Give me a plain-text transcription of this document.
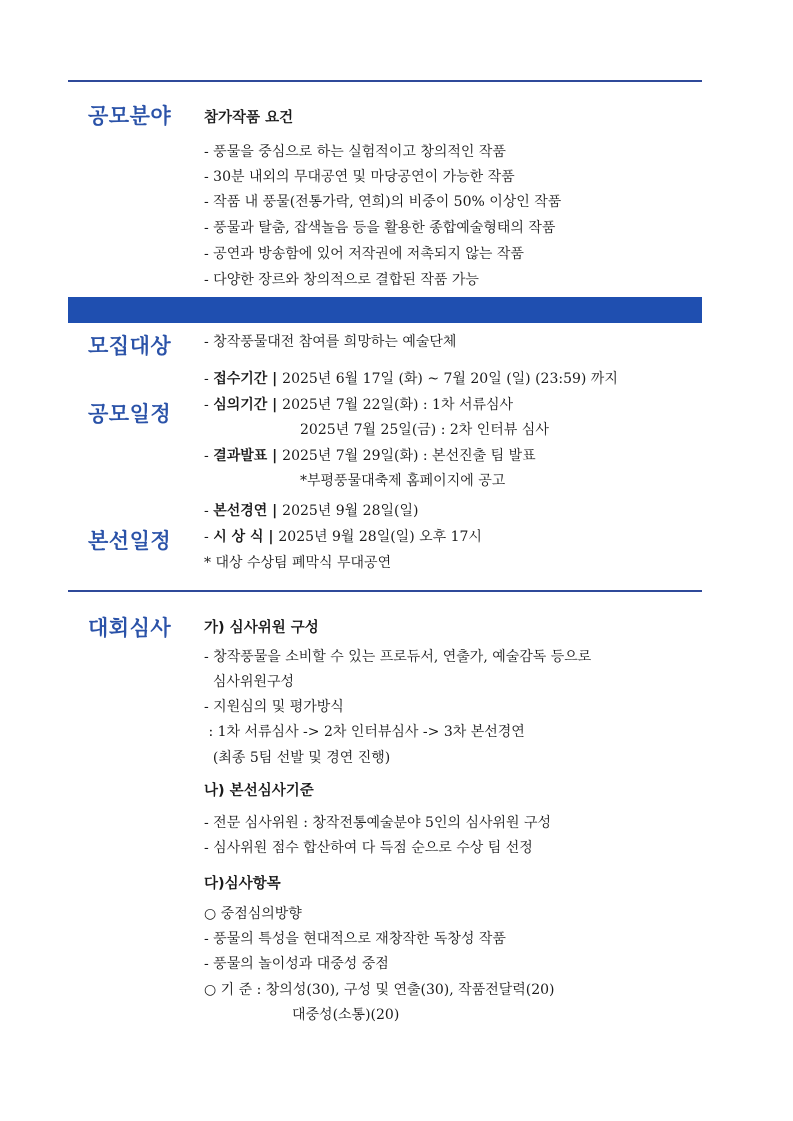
공모분야 참가작품 요건
- 풍물을 중심으로 하는 실험적이고 창의적인 작품
- 30분 내외의 무대공연 및 마당공연이 가능한 작품
- 작품 내 풍물(전통가락, 연희)의 비중이 50% 이상인 작품
- 풍물과 탈춤, 잡색놀음 등을 활용한 종합예술형태의 작품
- 공연과 방송함에 있어 저작권에 저촉되지 않는 작품
- 다양한 장르와 창의적으로 결합된 작품 가능
모집대상 - 창작풍물대전 참여를 희망하는 예술단체
공모일정
- 접수기간 | 2025년 6월 17일 (화) ~ 7월 20일 (일) (23:59) 까지
- 심의기간 | 2025년 7월 22일(화) : 1차 서류심사
2025년 7월 25일(금) : 2차 인터뷰 심사
- 결과발표 | 2025년 7월 29일(화) : 본선진출 팀 발표
*부평풍물대축제 홈페이지에 공고
본선일정
- 본선경연 | 2025년 9월 28일(일)
- 시 상 식 | 2025년 9월 28일(일) 오후 17시
* 대상 수상팀 폐막식 무대공연
대회심사 가) 심사위원 구성
- 창작풍물을 소비할 수 있는 프로듀서, 연출가, 예술감독 등으로
심사위원구성
- 지원심의 및 평가방식
: 1차 서류심사 -> 2차 인터뷰심사 -> 3차 본선경연
(최종 5팀 선발 및 경연 진행)
나) 본선심사기준
- 전문 심사위원 : 창작전통예술분야 5인의 심사위원 구성
- 심사위원 점수 합산하여 다 득점 순으로 수상 팀 선정
다)심사항목
○ 중점심의방향
- 풍물의 특성을 현대적으로 재창작한 독창성 작품
- 풍물의 놀이성과 대중성 중점
○ 기 준 : 창의성(30), 구성 및 연출(30), 작품전달력(20)
대중성(소통)(20)
